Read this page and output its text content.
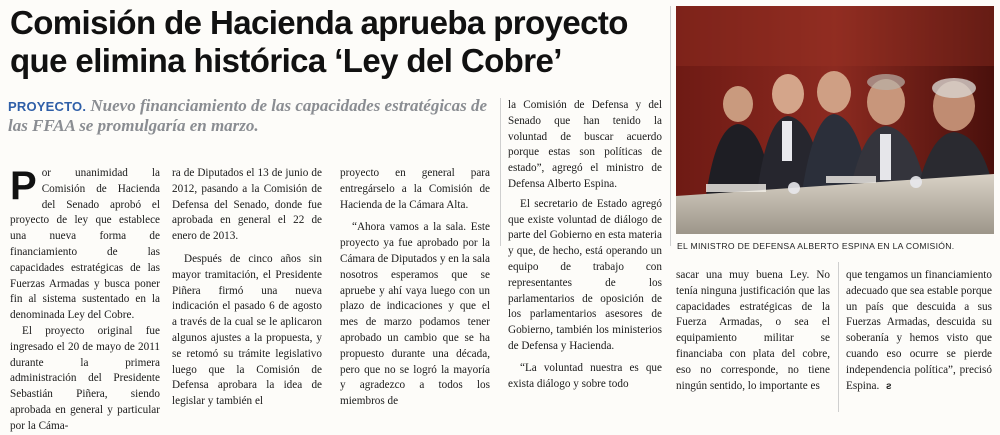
Comisión de Hacienda aprueba proyecto
que elimina histórica ‘Ley del Cobre’
PROYECTO. Nuevo financiamiento de las capacidades estratégicas de las FFAA se promulgaría en marzo.

P or unanimidad la Comisión de Hacienda del Senado aprobó el proyecto de ley que establece una nueva forma de financiamiento de las capacidades estratégicas de las Fuerzas Armadas y busca poner fin al sistema sustentado en la denominada Ley del Cobre.

El proyecto original fue ingresado el 20 de mayo de 2011 durante la primera administración del Presidente Sebastián Piñera, siendo aprobada en general y particular por la Cáma-

ra de Diputados el 13 de junio de 2012, pasando a la Comisión de Defensa del Senado, donde fue aprobada en general el 22 de enero de 2013.

Después de cinco años sin mayor tramitación, el Presidente Piñera firmó una nueva indicación el pasado 6 de agosto a través de la cual se le aplicaron algunos ajustes a la propuesta, y se retomó su trámite legislativo luego que la Comisión de Defensa aprobara la idea de legislar y también el

proyecto en general para entregárselo a la Comisión de Hacienda de la Cámara Alta.

“Ahora vamos a la sala. Este proyecto ya fue aprobado por la Cámara de Diputados y en la sala nosotros esperamos que se apruebe y ahí vaya luego con un plazo de indicaciones y que el mes de marzo podamos tener aprobado un cambio que se ha propuesto durante una década, pero que no se logró la mayoría y agradezco a todos los miembros de

la Comisión de Defensa y del Senado que han tenido la voluntad de buscar acuerdo porque estas son políticas de estado”, agregó el ministro de Defensa Alberto Espina.

El secretario de Estado agregó que existe voluntad de diálogo de parte del Gobierno en esta materia y que, de hecho, está operando un equipo de trabajo con representantes de los parlamentarios de oposición de los parlamentarios asesores de Gobierno, también los ministerios de Defensa y Hacienda.

“La voluntad nuestra es que exista diálogo y sobre todo

sacar una muy buena Ley. No tenía ninguna justificación que las capacidades estratégicas de la Fuerza Armadas, o sea el equipamiento militar se financiaba con plata del cobre, eso no corresponde, no tiene ningún sentido, lo importante es

que tengamos un financiamiento adecuado que sea estable porque un país que descuida a sus Fuerzas Armadas, descuida su soberanía y hemos visto que cuando eso ocurre se pierde independencia política”, precisó Espina. ƨ

EL MINISTRO DE DEFENSA ALBERTO ESPINA EN LA COMISIÓN.
